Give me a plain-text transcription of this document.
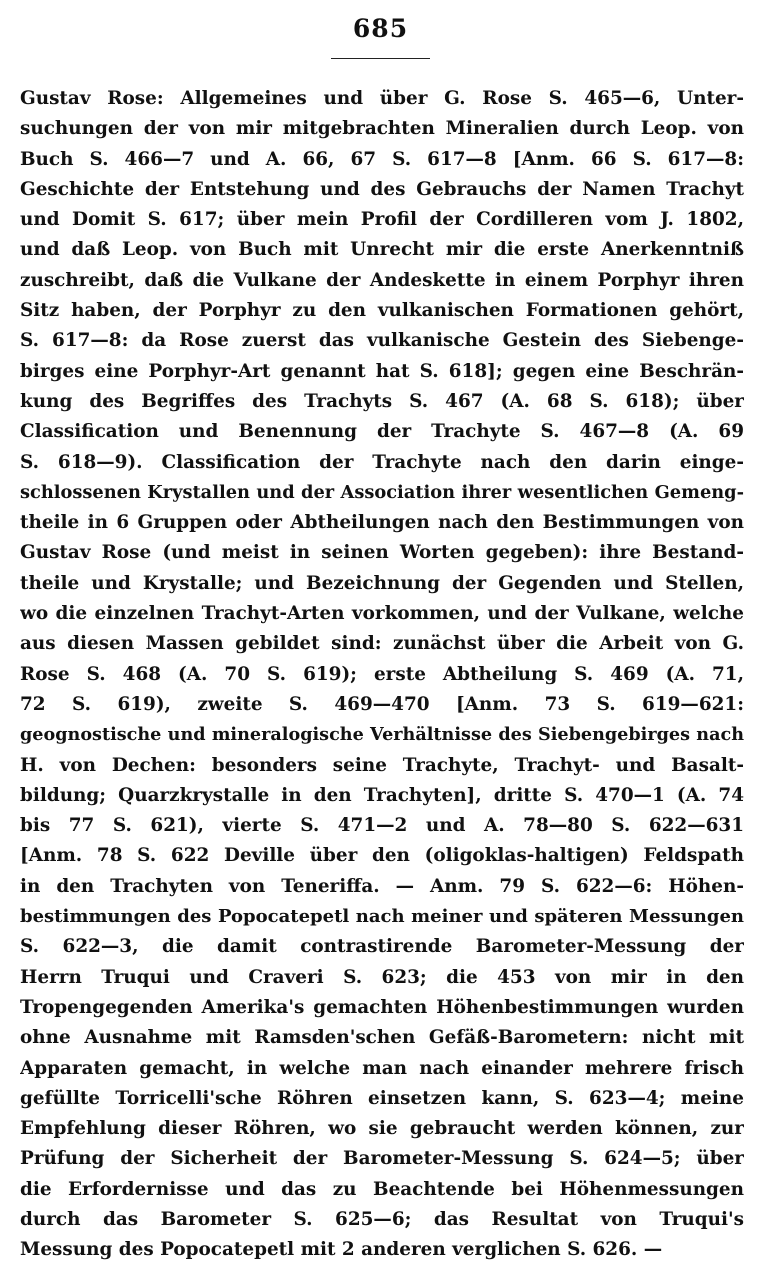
685
Gustav Rose: Allgemeines und über G. Rose S. 465—6, Unter-
suchungen der von mir mitgebrachten Mineralien durch Leop. von
Buch S. 466—7 und A. 66, 67 S. 617—8 [Anm. 66 S. 617—8:
Geschichte der Entstehung und des Gebrauchs der Namen Trachyt
und Domit S. 617; über mein Profil der Cordilleren vom J. 1802,
und daß Leop. von Buch mit Unrecht mir die erste Anerkenntniß
zuschreibt, daß die Vulkane der Andeskette in einem Porphyr ihren
Sitz haben, der Porphyr zu den vulkanischen Formationen gehört,
S. 617—8: da Rose zuerst das vulkanische Gestein des Siebenge-
birges eine Porphyr-Art genannt hat S. 618]; gegen eine Beschrän-
kung des Begriffes des Trachyts S. 467 (A. 68 S. 618); über
Classification und Benennung der Trachyte S. 467—8 (A. 69
S. 618—9). Classification der Trachyte nach den darin einge-
schlossenen Krystallen und der Association ihrer wesentlichen Gemeng-
theile in 6 Gruppen oder Abtheilungen nach den Bestimmungen von
Gustav Rose (und meist in seinen Worten gegeben): ihre Bestand-
theile und Krystalle; und Bezeichnung der Gegenden und Stellen,
wo die einzelnen Trachyt-Arten vorkommen, und der Vulkane, welche
aus diesen Massen gebildet sind: zunächst über die Arbeit von G.
Rose S. 468 (A. 70 S. 619); erste Abtheilung S. 469 (A. 71,
72 S. 619), zweite S. 469—470 [Anm. 73 S. 619—621:
geognostische und mineralogische Verhältnisse des Siebengebirges nach
H. von Dechen: besonders seine Trachyte, Trachyt- und Basalt-
bildung; Quarzkrystalle in den Trachyten], dritte S. 470—1 (A. 74
bis 77 S. 621), vierte S. 471—2 und A. 78—80 S. 622—631
[Anm. 78 S. 622 Deville über den (oligoklas-haltigen) Feldspath
in den Trachyten von Teneriffa. — Anm. 79 S. 622—6: Höhen-
bestimmungen des Popocatepetl nach meiner und späteren Messungen
S. 622—3, die damit contrastirende Barometer-Messung der
Herrn Truqui und Craveri S. 623; die 453 von mir in den
Tropengegenden Amerika's gemachten Höhenbestimmungen wurden
ohne Ausnahme mit Ramsden'schen Gefäß-Barometern: nicht mit
Apparaten gemacht, in welche man nach einander mehrere frisch
gefüllte Torricelli'sche Röhren einsetzen kann, S. 623—4; meine
Empfehlung dieser Röhren, wo sie gebraucht werden können, zur
Prüfung der Sicherheit der Barometer-Messung S. 624—5; über
die Erfordernisse und das zu Beachtende bei Höhenmessungen
durch das Barometer S. 625—6; das Resultat von Truqui's
Messung des Popocatepetl mit 2 anderen verglichen S. 626. —
